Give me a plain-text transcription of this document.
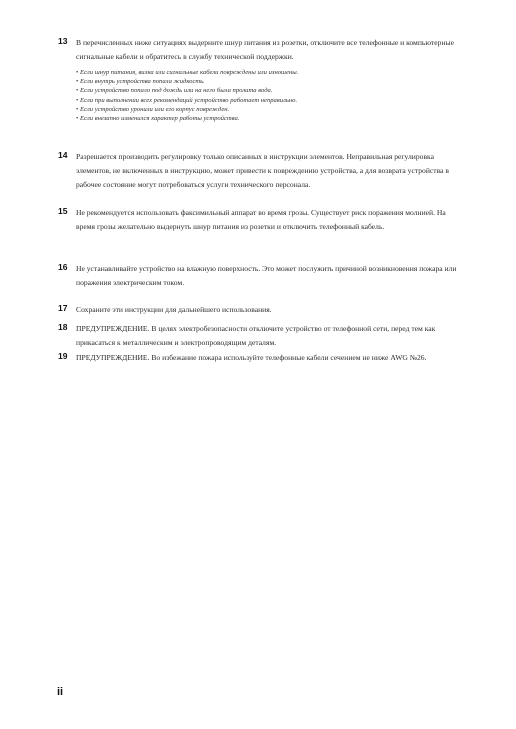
13 В перечисленных ниже ситуациях выдерните шнур питания из розетки, отключите все телефонные и компьютерные сигнальные кабели и обратитесь в службу технической поддержки.

• Если шнур питания, вилка или сигнальные кабели повреждены или изношены.
• Если внутрь устройства попала жидкость.
• Если устройство попало под дождь или на него была пролита вода.
• Если при выполнении всех рекомендаций устройство работает неправильно.
• Если устройство уронили или его корпус поврежден.
• Если внезапно изменился характер работы устройства.
14 Разрешается производить регулировку только описанных в инструкции элементов. Неправильная регулировка элементов, не включенных в инструкцию, может привести к повреждению устройства, а для возврата устройства в рабочее состояние могут потребоваться услуги технического персонала.

15 Не рекомендуется использовать факсимильный аппарат во время грозы. Существует риск поражения молнией. На время грозы желательно выдернуть шнур питания из розетки и отключить телефонный кабель.

16 Не устанавливайте устройство на влажную поверхность. Это может послужить причиной возникновения пожара или поражения электрическим током.

17 Сохраните эти инструкции для дальнейшего использования.

18 ПРЕДУПРЕЖДЕНИЕ. В целях электробезопасности отключите устройство от телефонной сети, перед тем как прикасаться к металлическим и электропроводящим деталям.

19 ПРЕДУПРЕЖДЕНИЕ. Во избежание пожара используйте телефонные кабели сечением не ниже AWG №26.

ii
